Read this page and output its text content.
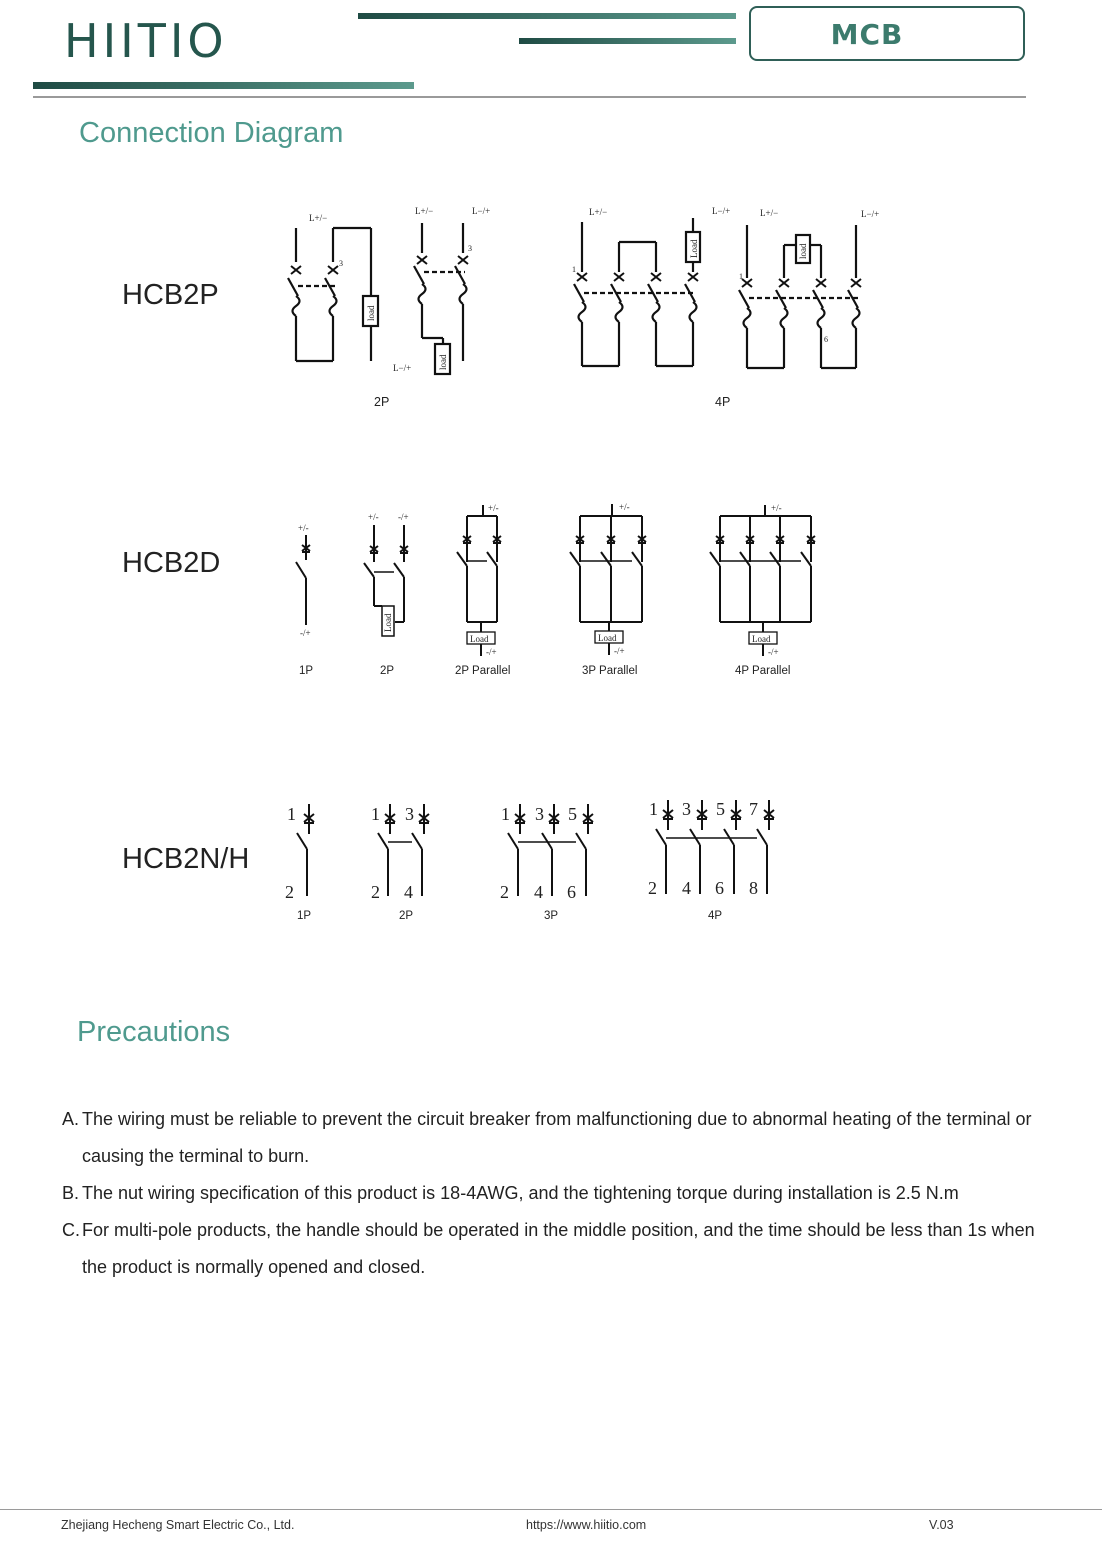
HIITIO	MCB
Connection Diagram
HCB2P
HCB2D
HCB2N/H
L+/−
3
load
L+/−	L−/+
3
load
L−/+
L+/−	L−/+
1
Load
L+/−	L−/+
1
6
load
+/-
-/+
+/- -/+
Load
+/-
Load
-/+
+/-
Load
-/+
+/-
Load
-/+
1
2
1 3
2 4
1 3 5
2 4 6
1 3 5 7
2 4 6 8
2P	4P
1P	2P	2P Parallel	3P Parallel	4P Parallel
1P	2P	3P	4P
Precautions
A. The wiring must be reliable to prevent the circuit breaker from malfunctioning due to abnormal heating of the terminal or causing the terminal to burn.
B. The nut wiring specification of this product is 18-4AWG, and the tightening torque during installation is 2.5 N.m
C. For multi-pole products, the handle should be operated in the middle position, and the time should be less than 1s when the product is normally opened and closed.
Zhejiang Hecheng Smart Electric Co., Ltd.	https://www.hiitio.com	V.03
